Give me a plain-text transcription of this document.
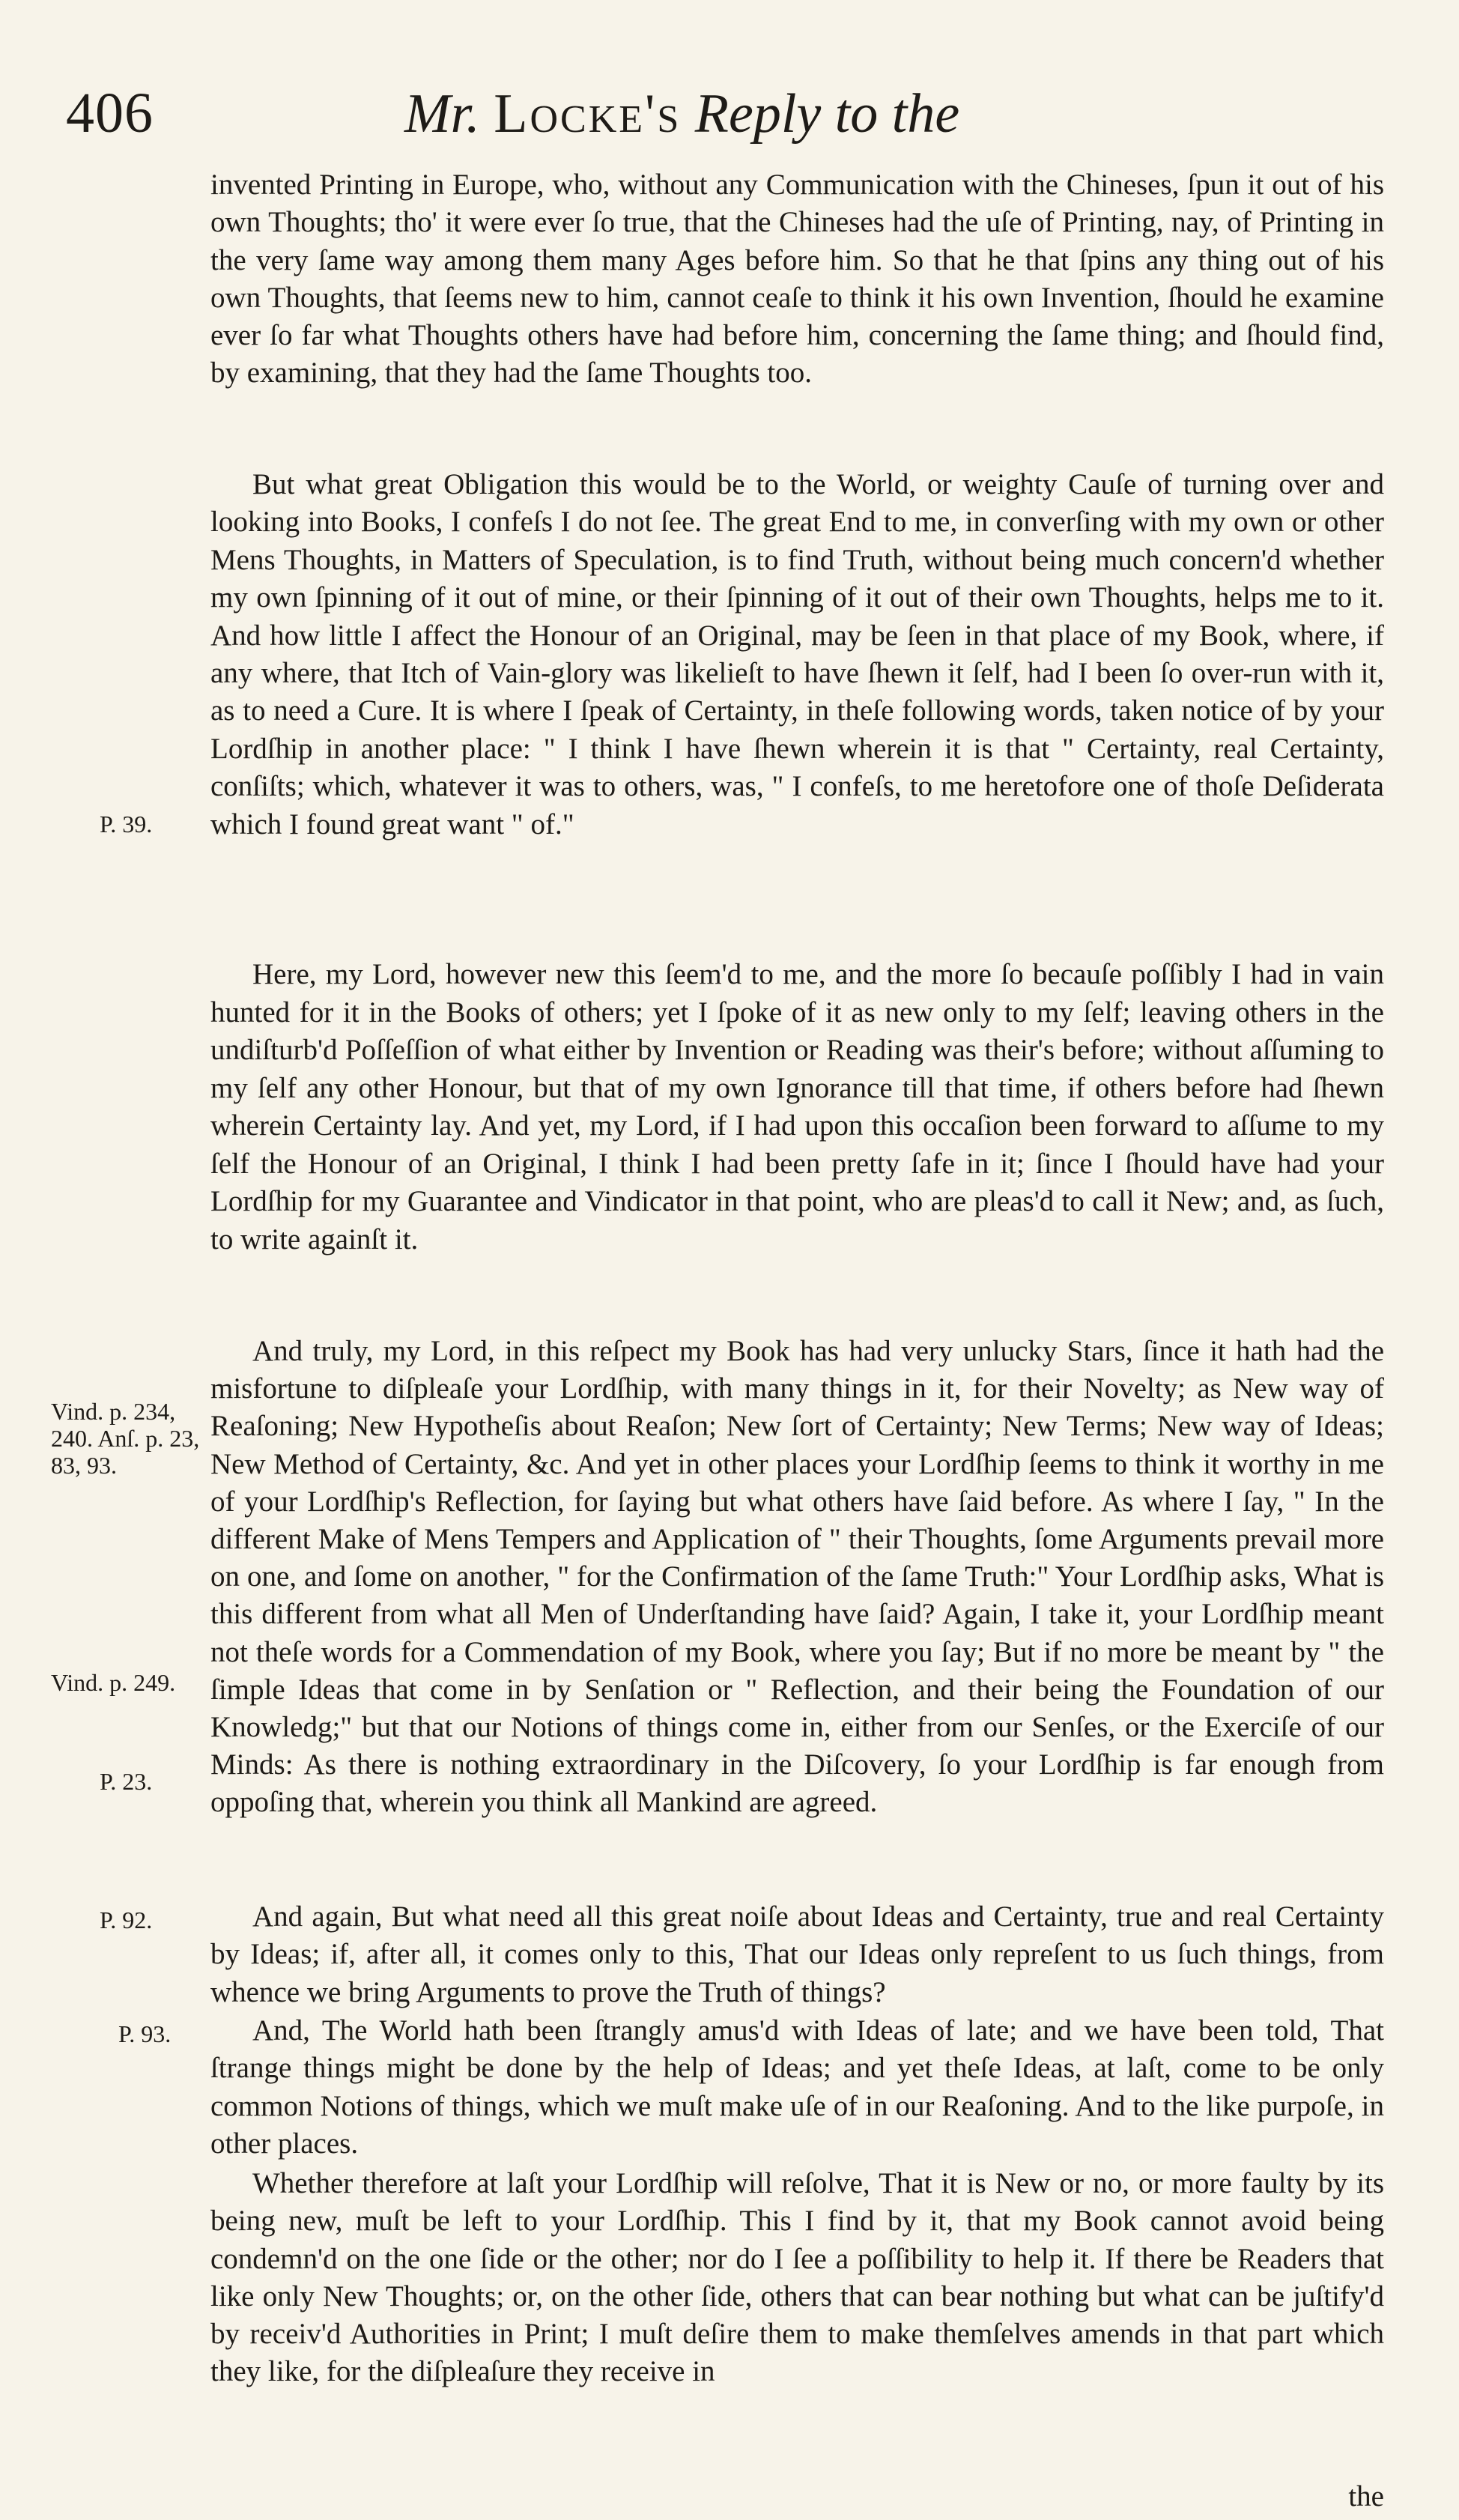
406	Mr. Locke's Reply to the

invented Printing in Europe, who, without any Communication with the Chineses, ſpun it out of his own Thoughts; tho' it were ever ſo true, that the Chineses had the uſe of Printing, nay, of Printing in the very ſame way among them many Ages before him. So that he that ſpins any thing out of his own Thoughts, that ſeems new to him, cannot ceaſe to think it his own Invention, ſhould he examine ever ſo far what Thoughts others have had before him, concerning the ſame thing; and ſhould find, by examining, that they had the ſame Thoughts too.

But what great Obligation this would be to the World, or weighty Cauſe of turning over and looking into Books, I confeſs I do not ſee. The great End to me, in converſing with my own or other Mens Thoughts, in Matters of Speculation, is to find Truth, without being much concern'd whether my own ſpinning of it out of mine, or their ſpinning of it out of their own Thoughts, helps me to it. And how little I affect the Honour of an Original, may be ſeen in that place of my Book, where, if any where, that Itch of Vain-glory was likelieſt to have ſhewn it ſelf, had I been ſo over-run with it, as to need a Cure. It is where I ſpeak of Certainty, in theſe following words, taken notice of by your Lordſhip in another place: " I think I have ſhewn wherein it is that " Certainty, real Certainty, conſiſts; which, whatever it was to others, was, " I confeſs, to me heretofore one of thoſe Deſiderata which I found great want " of."

Here, my Lord, however new this ſeem'd to me, and the more ſo becauſe poſſibly I had in vain hunted for it in the Books of others; yet I ſpoke of it as new only to my ſelf; leaving others in the undiſturb'd Poſſeſſion of what either by Invention or Reading was their's before; without aſſuming to my ſelf any other Honour, but that of my own Ignorance till that time, if others before had ſhewn wherein Certainty lay. And yet, my Lord, if I had upon this occaſion been forward to aſſume to my ſelf the Honour of an Original, I think I had been pretty ſafe in it; ſince I ſhould have had your Lordſhip for my Guarantee and Vindicator in that point, who are pleas'd to call it New; and, as ſuch, to write againſt it.

And truly, my Lord, in this reſpect my Book has had very unlucky Stars, ſince it hath had the misfortune to diſpleaſe your Lordſhip, with many things in it, for their Novelty; as New way of Reaſoning; New Hypotheſis about Reaſon; New ſort of Certainty; New Terms; New way of Ideas; New Method of Certainty, &c. And yet in other places your Lordſhip ſeems to think it worthy in me of your Lordſhip's Reflection, for ſaying but what others have ſaid before. As where I ſay, " In the different Make of Mens Tempers and Application of " their Thoughts, ſome Arguments prevail more on one, and ſome on another, " for the Confirmation of the ſame Truth:" Your Lordſhip asks, What is this different from what all Men of Underſtanding have ſaid? Again, I take it, your Lordſhip meant not theſe words for a Commendation of my Book, where you ſay; But if no more be meant by " the ſimple Ideas that come in by Senſation or " Reflection, and their being the Foundation of our Knowledg;" but that our Notions of things come in, either from our Senſes, or the Exerciſe of our Minds: As there is nothing extraordinary in the Diſcovery, ſo your Lordſhip is far enough from oppoſing that, wherein you think all Mankind are agreed.

And again, But what need all this great noiſe about Ideas and Certainty, true and real Certainty by Ideas; if, after all, it comes only to this, That our Ideas only repreſent to us ſuch things, from whence we bring Arguments to prove the Truth of things?

And, The World hath been ſtrangly amus'd with Ideas of late; and we have been told, That ſtrange things might be done by the help of Ideas; and yet theſe Ideas, at laſt, come to be only common Notions of things, which we muſt make uſe of in our Reaſoning. And to the like purpoſe, in other places.

Whether therefore at laſt your Lordſhip will reſolve, That it is New or no, or more faulty by its being new, muſt be left to your Lordſhip. This I find by it, that my Book cannot avoid being condemn'd on the one ſide or the other; nor do I ſee a poſſibility to help it. If there be Readers that like only New Thoughts; or, on the other ſide, others that can bear nothing but what can be juſtify'd by receiv'd Authorities in Print; I muſt deſire them to make themſelves amends in that part which they like, for the diſpleaſure they receive in

P. 39.
Vind. p. 234, 240. Anſ. p. 23, 83, 93.
Vind. p. 249.
P. 23.
P. 92.
P. 93.
the
